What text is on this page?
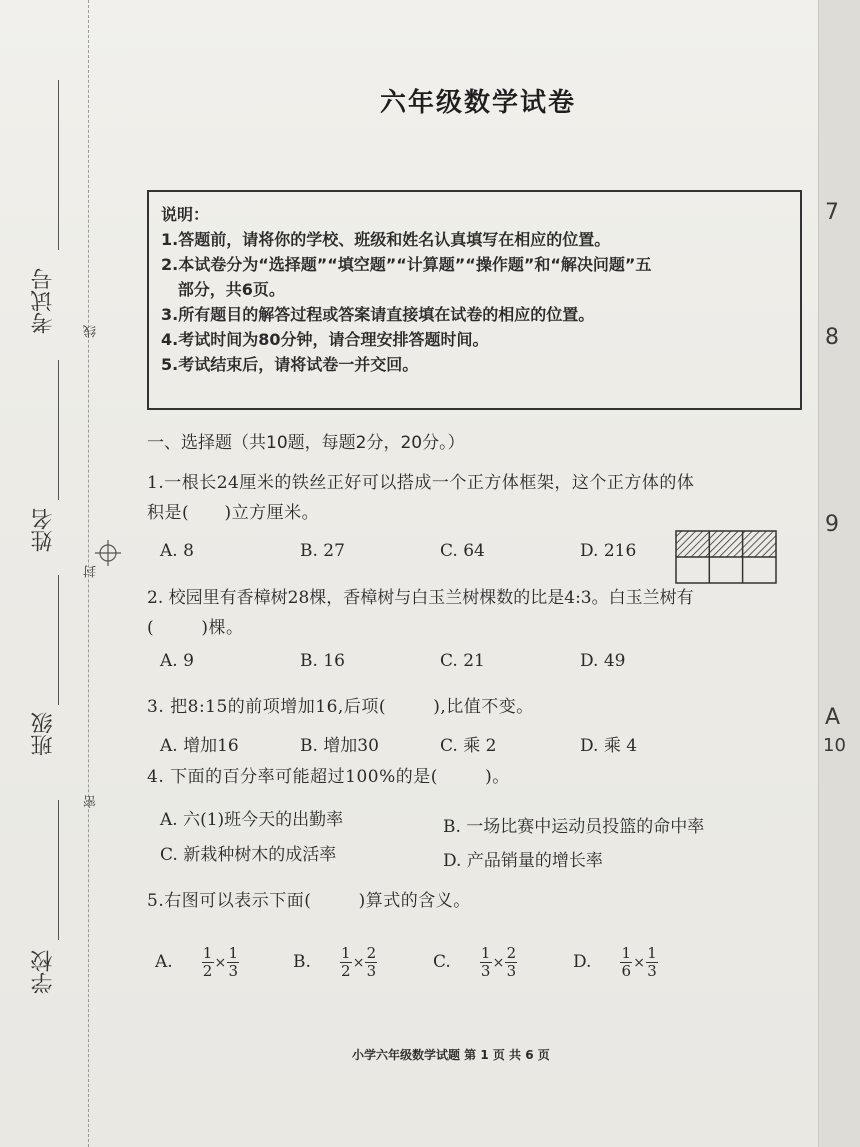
7
8
9
A
10
考试号
姓名
班级
学校
线
封
密
六年级数学试卷
说明：
1.答题前，请将你的学校、班级和姓名认真填写在相应的位置。
2.本试卷分为“选择题”“填空题”“计算题”“操作题”和“解决问题”五
部分，共6页。
3.所有题目的解答过程或答案请直接填在试卷的相应的位置。
4.考试时间为80分钟，请合理安排答题时间。
5.考试结束后，请将试卷一并交回。
一、选择题（共10题，每题2分，20分。）
1.一根长24厘米的铁丝正好可以搭成一个正方体框架，这个正方体的体
积是(      )立方厘米。
A. 8	B. 27	C. 64	D. 216
2. 校园里有香樟树28棵，香樟树与白玉兰树棵数的比是4:3。白玉兰树有
(        )棵。
A. 9	B. 16	C. 21	D. 49
3. 把8:15的前项增加16,后项(        ),比值不变。
A. 增加16	B. 增加30	C. 乘 2	D. 乘 4
4. 下面的百分率可能超过100%的是(        )。
A. 六(1)班今天的出勤率	B. 一场比赛中运动员投篮的命中率
C. 新栽种树木的成活率	D. 产品销量的增长率
5.右图可以表示下面(        )算式的含义。
A. $\frac{1}{2} \times \frac{1}{3}$	B. $\frac{1}{2} \times \frac{2}{3}$	C. $\frac{1}{3} \times \frac{2}{3}$	D. $\frac{1}{6} \times \frac{1}{3}$
小学六年级数学试题 第 1 页 共 6 页
